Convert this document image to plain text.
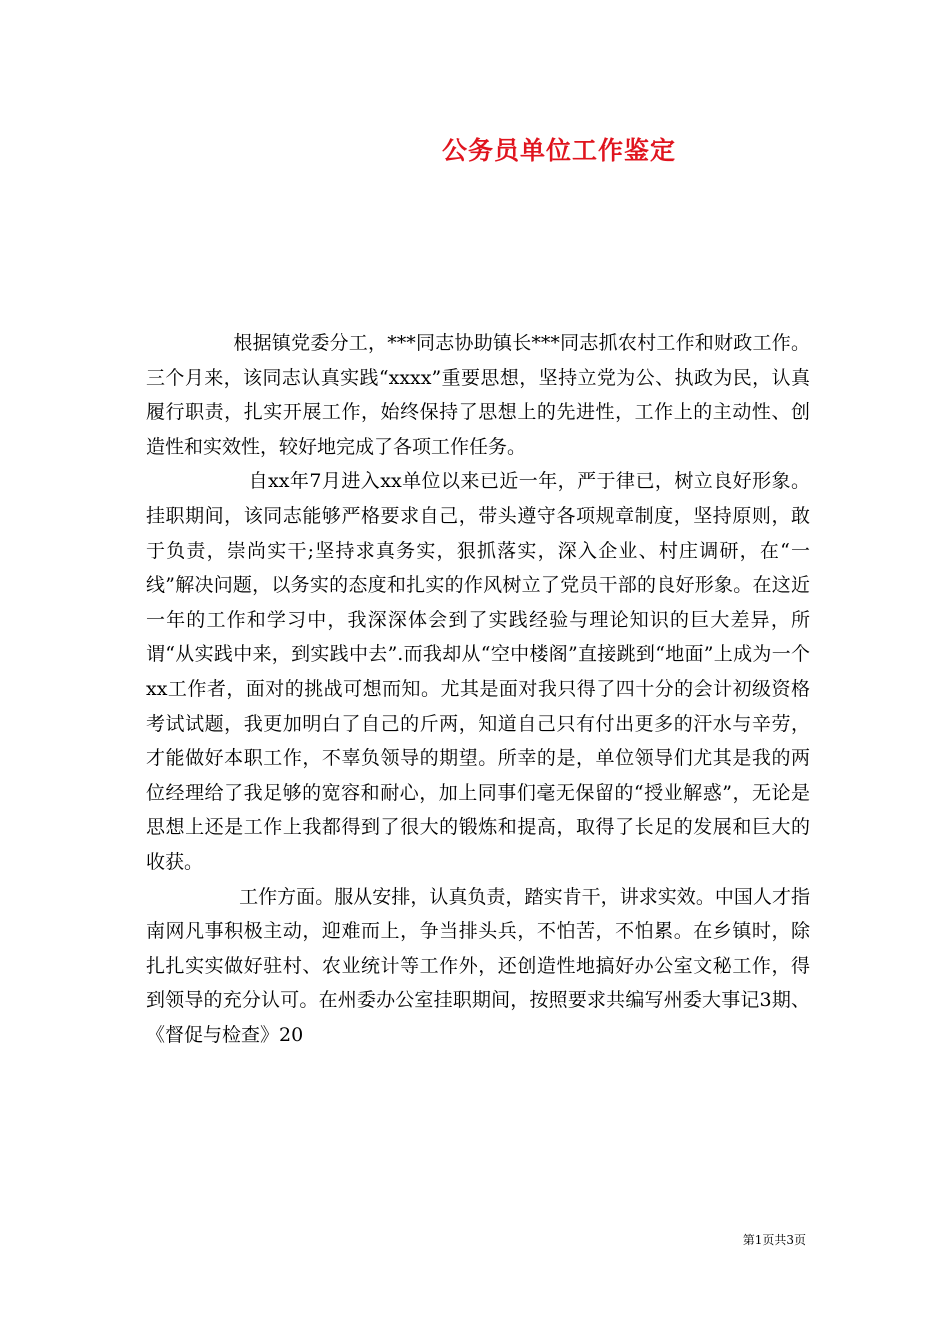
公务员单位工作鉴定

根据镇党委分工，***同志协助镇长***同志抓农村工作和财政工作。三个月来，该同志认真实践“xxxx”重要思想，坚持立党为公、执政为民，认真履行职责，扎实开展工作，始终保持了思想上的先进性，工作上的主动性、创造性和实效性，较好地完成了各项工作任务。

自xx年7月进入xx单位以来已近一年，严于律已，树立良好形象。挂职期间，该同志能够严格要求自己，带头遵守各项规章制度，坚持原则，敢于负责，崇尚实干;坚持求真务实，狠抓落实，深入企业、村庄调研，在“一线”解决问题，以务实的态度和扎实的作风树立了党员干部的良好形象。在这近一年的工作和学习中，我深深体会到了实践经验与理论知识的巨大差异，所谓“从实践中来，到实践中去”.而我却从“空中楼阁”直接跳到“地面”上成为一个xx工作者，面对的挑战可想而知。尤其是面对我只得了四十分的会计初级资格考试试题，我更加明白了自己的斤两，知道自己只有付出更多的汗水与辛劳，才能做好本职工作，不辜负领导的期望。所幸的是，单位领导们尤其是我的两位经理给了我足够的宽容和耐心，加上同事们毫无保留的“授业解惑”，无论是思想上还是工作上我都得到了很大的锻炼和提高，取得了长足的发展和巨大的收获。

工作方面。服从安排，认真负责，踏实肯干，讲求实效。中国人才指南网凡事积极主动，迎难而上，争当排头兵，不怕苦，不怕累。在乡镇时，除扎扎实实做好驻村、农业统计等工作外，还创造性地搞好办公室文秘工作，得到领导的充分认可。在州委办公室挂职期间，按照要求共编写州委大事记3期、《督促与检查》20

第1页共3页
